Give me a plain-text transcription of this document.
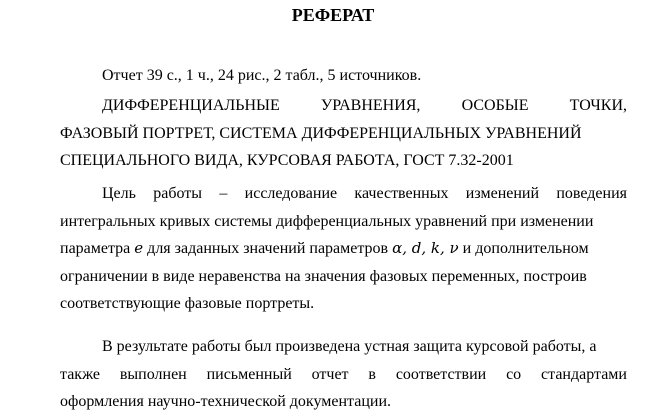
РЕФЕРАТ

Отчет 39 с., 1 ч., 24 рис., 2 табл., 5 источников.

ДИФФЕРЕНЦИАЛЬНЫЕ УРАВНЕНИЯ, ОСОБЫЕ ТОЧКИ,
ФАЗОВЫЙ ПОРТРЕТ, СИСТЕМА ДИФФЕРЕНЦИАЛЬНЫХ УРАВНЕНИЙ
СПЕЦИАЛЬНОГО ВИДА, КУРСОВАЯ РАБОТА, ГОСТ 7.32-2001

Цель работы – исследование качественных изменений поведения
интегральных кривых системы дифференциальных уравнений при изменении
параметра e для заданных значений параметров α, d, k, ν и дополнительном
ограничении в виде неравенства на значения фазовых переменных, построив
соответствующие фазовые портреты.

В результате работы был произведена устная защита курсовой работы, а
также выполнен письменный отчет в соответствии со стандартами
оформления научно-технической документации.
